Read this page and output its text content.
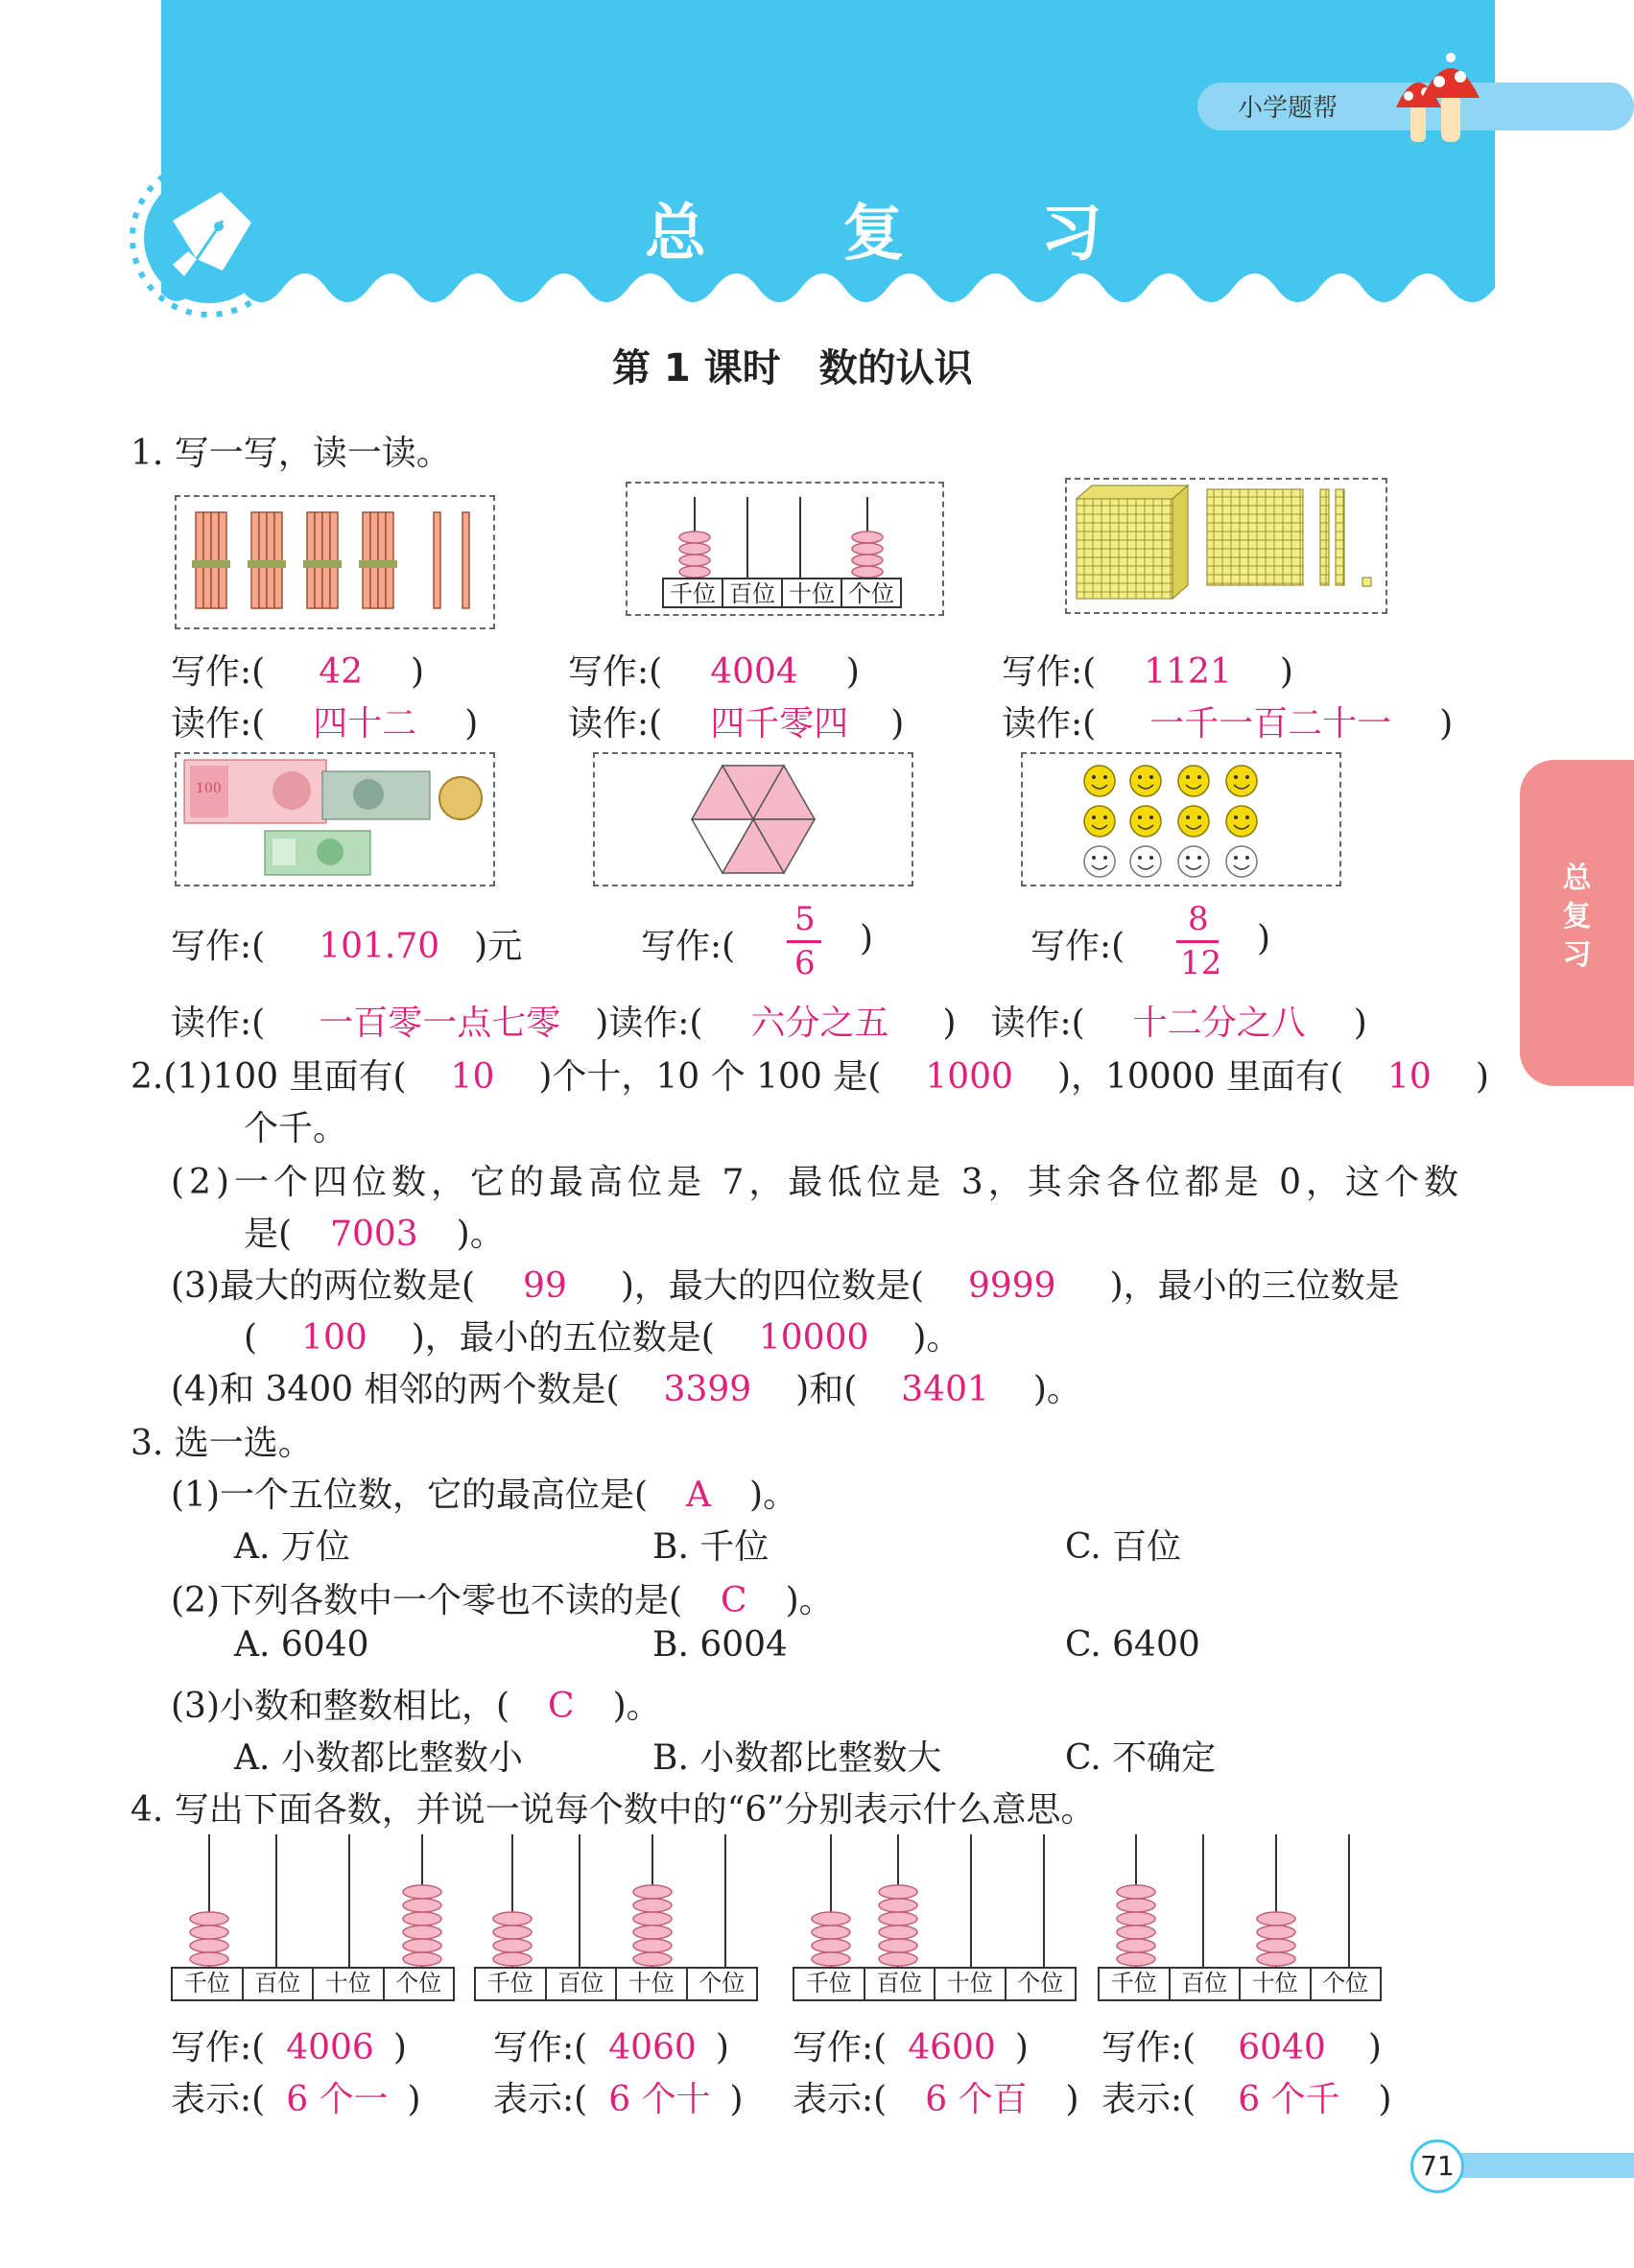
小学题帮
总 复 习
第 1 课时　数的认识
总
复
习
1. 写一写，读一读。
千位 百位 十位 个位
写作:( 42 )	写作:( 4004 )	写作:( 1121 )
读作:( 四十二 )	读作:( 四千零四 )	读作:( 一千一百二十一 )
100
写作:( 101.70 )元	写作:(
5
6
)	写作:(
8
12
)
读作:( 一百零一点七零 )读作:( 六分之五 )　读作:( 十二分之八 )
2.(1)100 里面有( 10 )个十，10 个 100 是( 1000 )，10000 里面有( 10 )
个千。
(2)一个四位数，它的最高位是 7，最低位是 3，其余各位都是 0，这个数
是( 7003 )。
(3)最大的两位数是( 99 )，最大的四位数是( 9999 )，最小的三位数是
( 100 )，最小的五位数是( 10000 )。
(4)和 3400 相邻的两个数是( 3399 )和( 3401 )。
3. 选一选。
(1)一个五位数，它的最高位是( A )。
A. 万位	B. 千位	C. 百位
(2)下列各数中一个零也不读的是( C )。
A. 6040	B. 6004	C. 6400
(3)小数和整数相比，( C )。
A. 小数都比整数小	B. 小数都比整数大	C. 不确定
4. 写出下面各数，并说一说每个数中的“6”分别表示什么意思。
千位	百位	十位	个位	千位	百位	十位	个位	千位	百位	十位	个位	千位	百位	十位	个位
写作:( 4006 )	写作:( 4060 ) 写作:( 4600 ) 写作:( 6040 )
表示:( 6 个一 ) 表示:( 6 个十 ) 表示:( 6 个百 ) 表示:( 6 个千 )
71
